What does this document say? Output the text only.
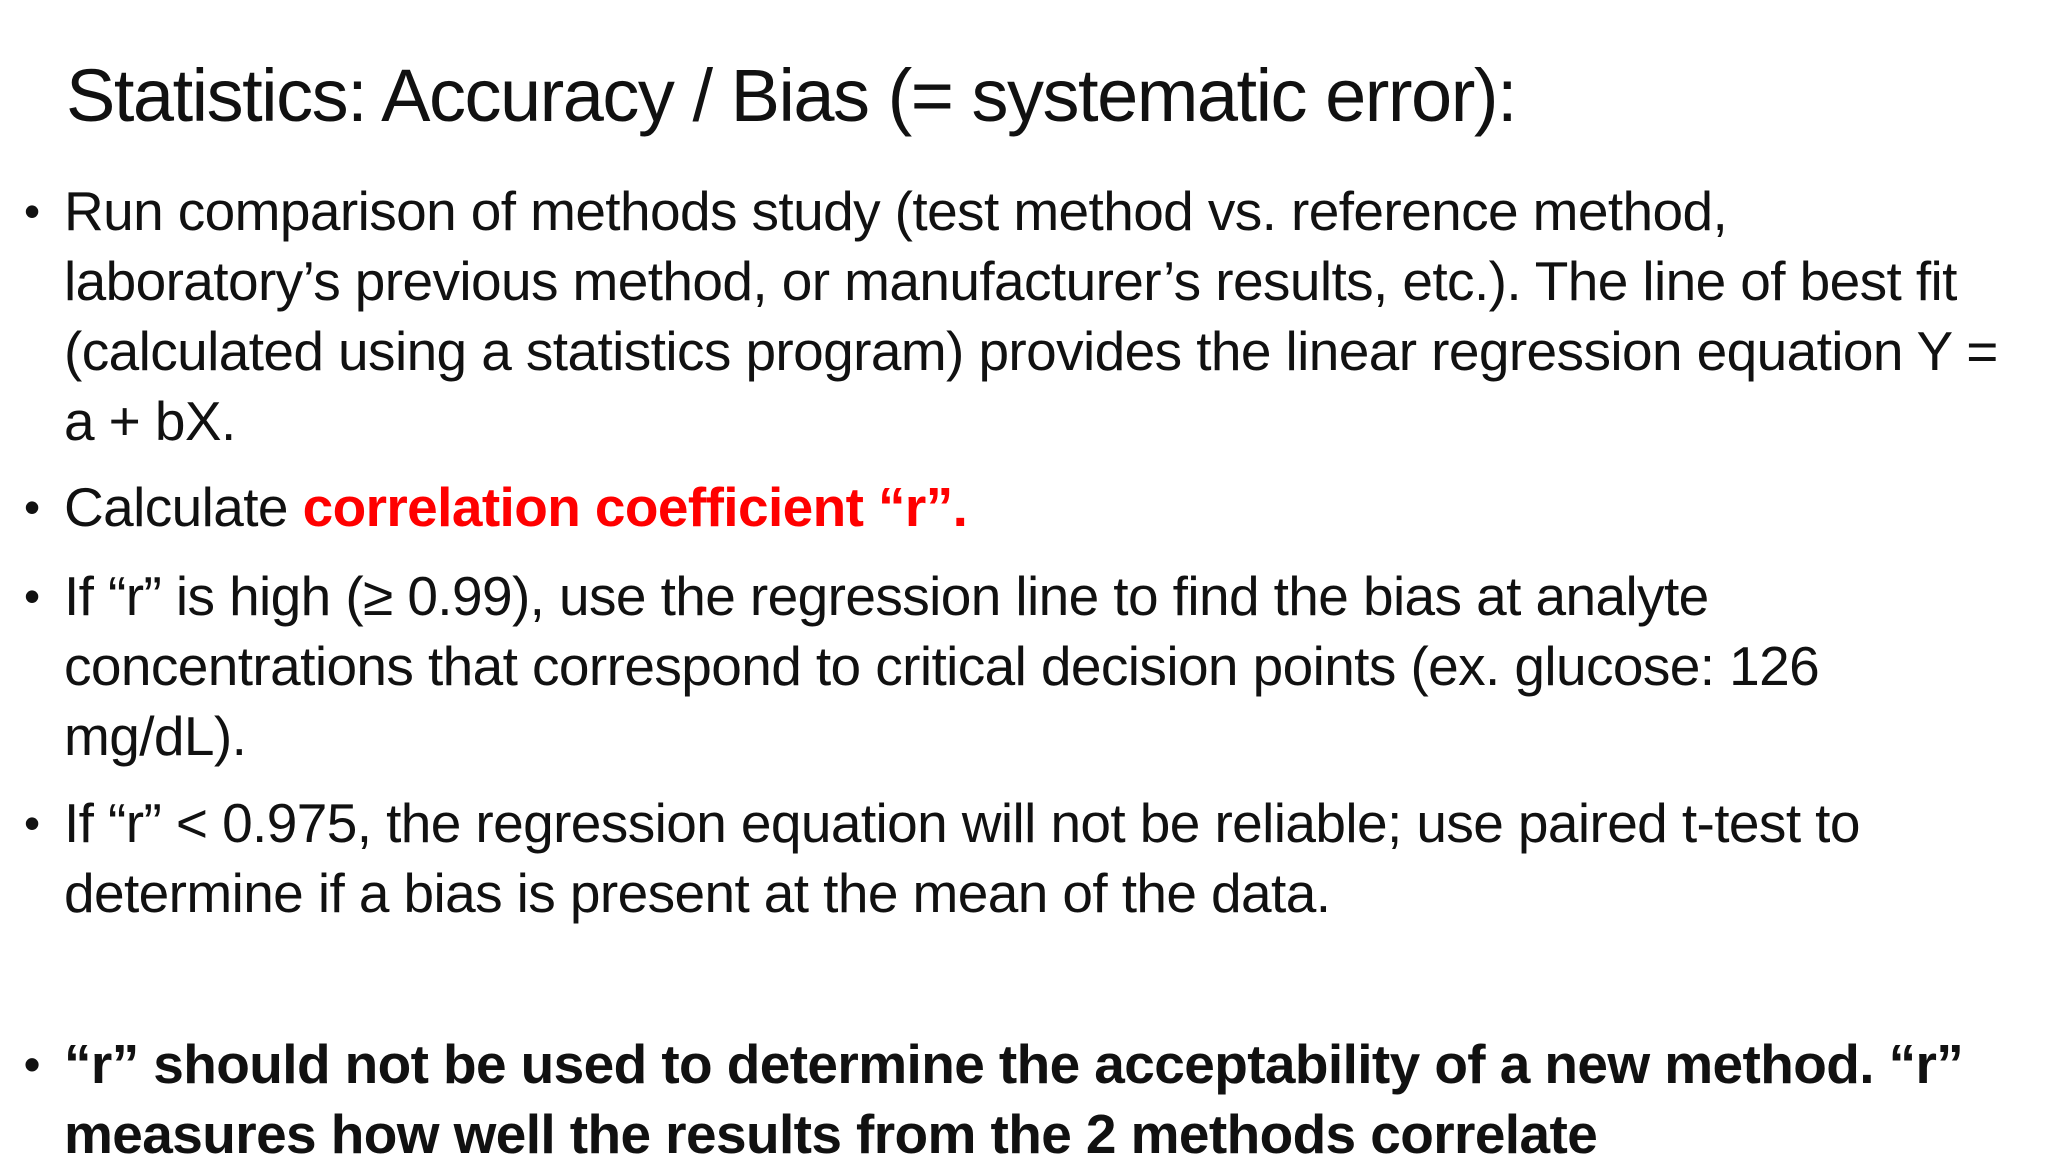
Statistics: Accuracy / Bias (= systematic error):
• Run comparison of methods study (test method vs. reference method, laboratory’s previous method, or manufacturer’s results, etc.). The line of best fit (calculated using a statistics program) provides the linear regression equation Y = a + bX.
• Calculate correlation coefficient “r”.
• If “r” is high (≥ 0.99), use the regression line to find the bias at analyte concentrations that correspond to critical decision points (ex. glucose: 126 mg/dL).
• If “r” < 0.975, the regression equation will not be reliable; use paired t-test to determine if a bias is present at the mean of the data.
• “r” should not be used to determine the acceptability of a new method. “r” measures how well the results from the 2 methods correlate
